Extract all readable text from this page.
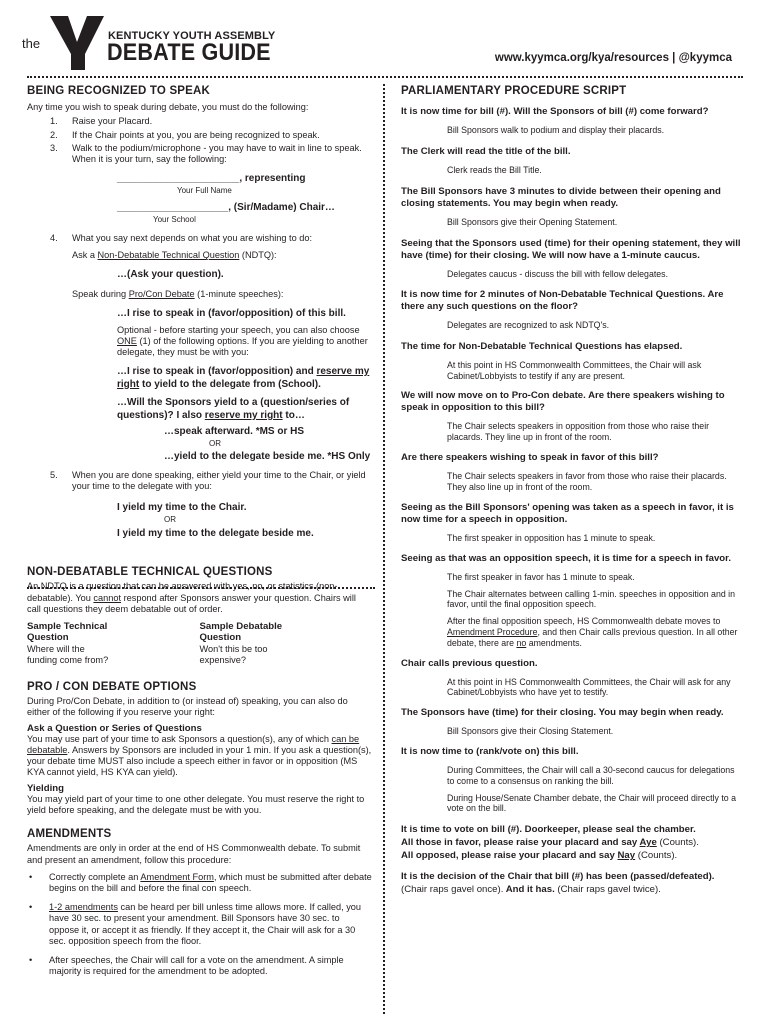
the	KENTUCKY YOUTH ASSEMBLY
DEBATE GUIDE	www.kyymca.org/kya/resources | @kyymca
BEING RECOGNIZED TO SPEAK
Any time you wish to speak during debate, you must do the following:
1. Raise your Placard.
2. If the Chair points at you, you are being recognized to speak.
3. Walk to the podium/microphone - you may have to wait in line to speak. When it is your turn, say the following:
______________________, representing
Your Full Name
____________________, (Sir/Madame) Chair…
Your School
4. What you say next depends on what you are wishing to do:
Ask a Non-Debatable Technical Question (NDTQ):
…(Ask your question).
Speak during Pro/Con Debate (1-minute speeches):
…I rise to speak in (favor/opposition) of this bill.
Optional - before starting your speech, you can also choose ONE (1) of the following options. If you are yielding to another delegate, they must be with you:
…I rise to speak in (favor/opposition) and reserve my right to yield to the delegate from (School).
…Will the Sponsors yield to a (question/series of questions)? I also reserve my right to…
…speak afterward. *MS or HS
OR
…yield to the delegate beside me. *HS Only
5. When you are done speaking, either yield your time to the Chair, or yield your time to the delegate with you:
I yield my time to the Chair.
OR
I yield my time to the delegate beside me.
NON-DEBATABLE TECHNICAL QUESTIONS
An NDTQ is a question that can be answered with yes, no, or statistics (non-debatable). You cannot respond after Sponsors answer your question. Chairs will call questions they deem debatable out of order.
Sample Technical Question
Where will the funding come from?
Sample Debatable Question
Won't this be too expensive?
PRO / CON DEBATE OPTIONS
During Pro/Con Debate, in addition to (or instead of) speaking, you can also do either of the following if you reserve your right:
Ask a Question or Series of Questions
You may use part of your time to ask Sponsors a question(s), any of which can be debatable. Answers by Sponsors are included in your 1 min. If you ask a question(s), your debate time MUST also include a speech either in favor or in opposition (MS KYA cannot yield, HS KYA can yield).
Yielding
You may yield part of your time to one other delegate. You must reserve the right to yield before speaking, and the delegate must be with you.
AMENDMENTS
Amendments are only in order at the end of HS Commonwealth debate. To submit and present an amendment, follow this procedure:
• Correctly complete an Amendment Form, which must be submitted after debate begins on the bill and before the final con speech.
• 1-2 amendments can be heard per bill unless time allows more. If called, you have 30 sec. to present your amendment. Bill Sponsors have 30 sec. to oppose it, or accept it as friendly. If they accept it, the Chair will ask for a 30 sec. opposition speech from the floor.
• After speeches, the Chair will call for a vote on the amendment. A simple majority is required for the amendment to be adopted.
PARLIAMENTARY PROCEDURE SCRIPT
It is now time for bill (#). Will the Sponsors of bill (#) come forward?
Bill Sponsors walk to podium and display their placards.
The Clerk will read the title of the bill.
Clerk reads the Bill Title.
The Bill Sponsors have 3 minutes to divide between their opening and closing statements. You may begin when ready.
Bill Sponsors give their Opening Statement.
Seeing that the Sponsors used (time) for their opening statement, they will have (time) for their closing. We will now have a 1-minute caucus.
Delegates caucus - discuss the bill with fellow delegates.
It is now time for 2 minutes of Non-Debatable Technical Questions. Are there any such questions on the floor?
Delegates are recognized to ask NDTQ's.
The time for Non-Debatable Technical Questions has elapsed.
At this point in HS Commonwealth Committees, the Chair will ask Cabinet/Lobbyists to testify if any are present.
We will now move on to Pro-Con debate. Are there speakers wishing to speak in opposition to this bill?
The Chair selects speakers in opposition from those who raise their placards. They line up in front of the room.
Are there speakers wishing to speak in favor of this bill?
The Chair selects speakers in favor from those who raise their placards. They also line up in front of the room.
Seeing as the Bill Sponsors' opening was taken as a speech in favor, it is now time for a speech in opposition.
The first speaker in opposition has 1 minute to speak.
Seeing as that was an opposition speech, it is time for a speech in favor.
The first speaker in favor has 1 minute to speak.
The Chair alternates between calling 1-min. speeches in opposition and in favor, until the final opposition speech.
After the final opposition speech, HS Commonwealth debate moves to Amendment Procedure, and then Chair calls previous question. In all other debate, there are no amendments.
Chair calls previous question.
At this point in HS Commonwealth Committees, the Chair will ask for any Cabinet/Lobbyists who have yet to testify.
The Sponsors have (time) for their closing. You may begin when ready.
Bill Sponsors give their Closing Statement.
It is now time to (rank/vote on) this bill.
During Committees, the Chair will call a 30-second caucus for delegations to come to a consensus on ranking the bill.
During House/Senate Chamber debate, the Chair will proceed directly to a vote on the bill.
It is time to vote on bill (#). Doorkeeper, please seal the chamber.
All those in favor, please raise your placard and say Aye (Counts).
All opposed, please raise your placard and say Nay (Counts).
It is the decision of the Chair that bill (#) has been (passed/defeated).
(Chair raps gavel once). And it has. (Chair raps gavel twice).
